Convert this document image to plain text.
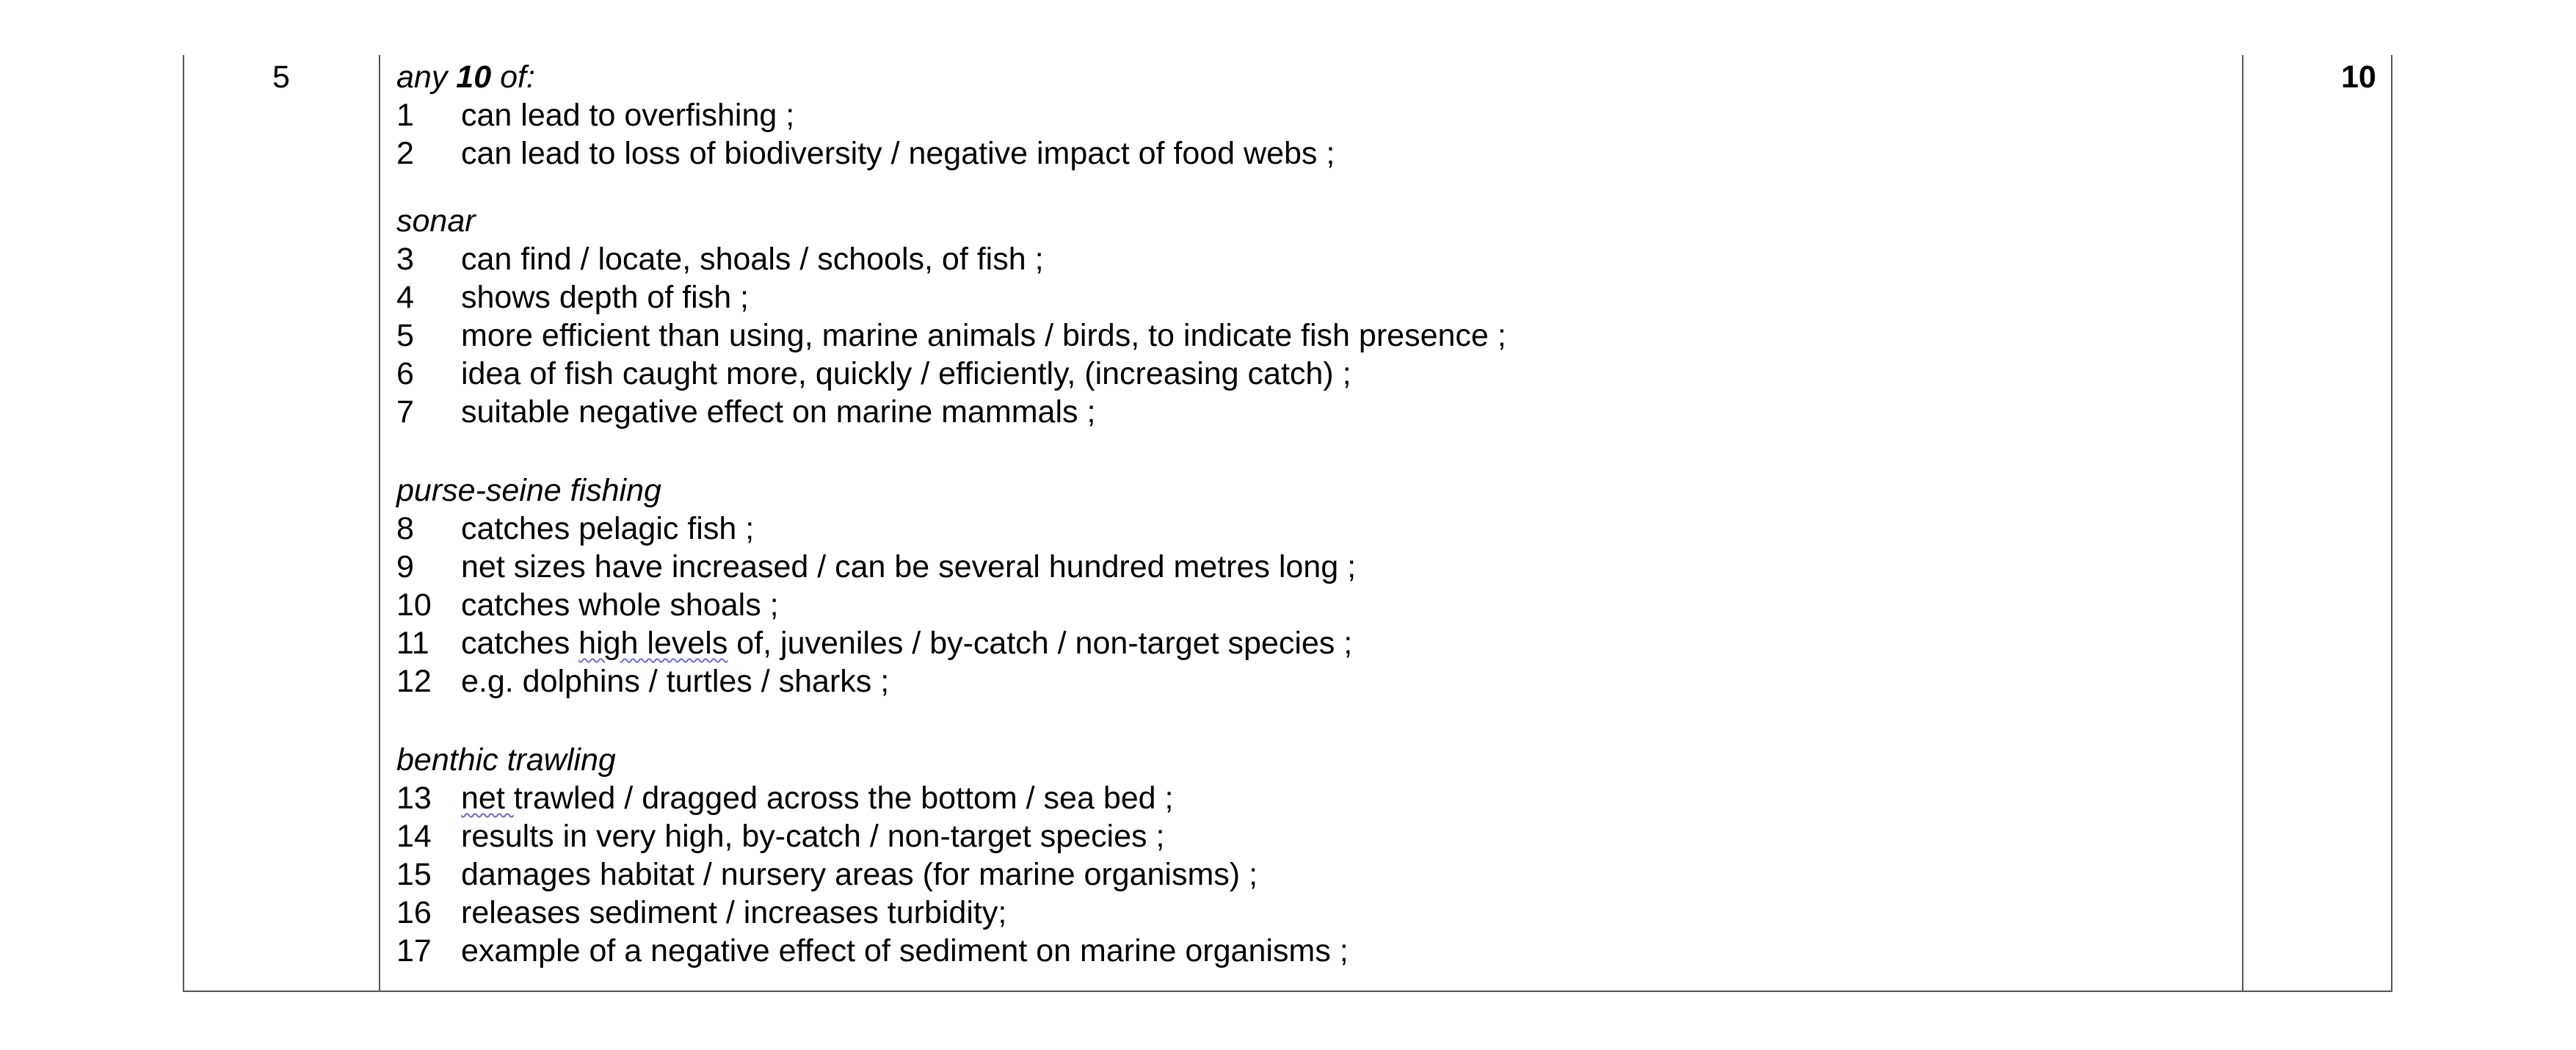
5	10
any 10 of:
1 can lead to overfishing ;
2 can lead to loss of biodiversity / negative impact of food webs ;
sonar
3 can find / locate, shoals / schools, of fish ;
4 shows depth of fish ;
5 more efficient than using, marine animals / birds, to indicate fish presence ;
6 idea of fish caught more, quickly / efficiently, (increasing catch) ;
7 suitable negative effect on marine mammals ;
purse-seine fishing
8 catches pelagic fish ;
9 net sizes have increased / can be several hundred metres long ;
10 catches whole shoals ;
11 catches high levels of, juveniles / by-catch / non-target species ;
12 e.g. dolphins / turtles / sharks ;
benthic trawling
13 net trawled / dragged across the bottom / sea bed ;
14 results in very high, by-catch / non-target species ;
15 damages habitat / nursery areas (for marine organisms) ;
16 releases sediment / increases turbidity;
17 example of a negative effect of sediment on marine organisms ;
